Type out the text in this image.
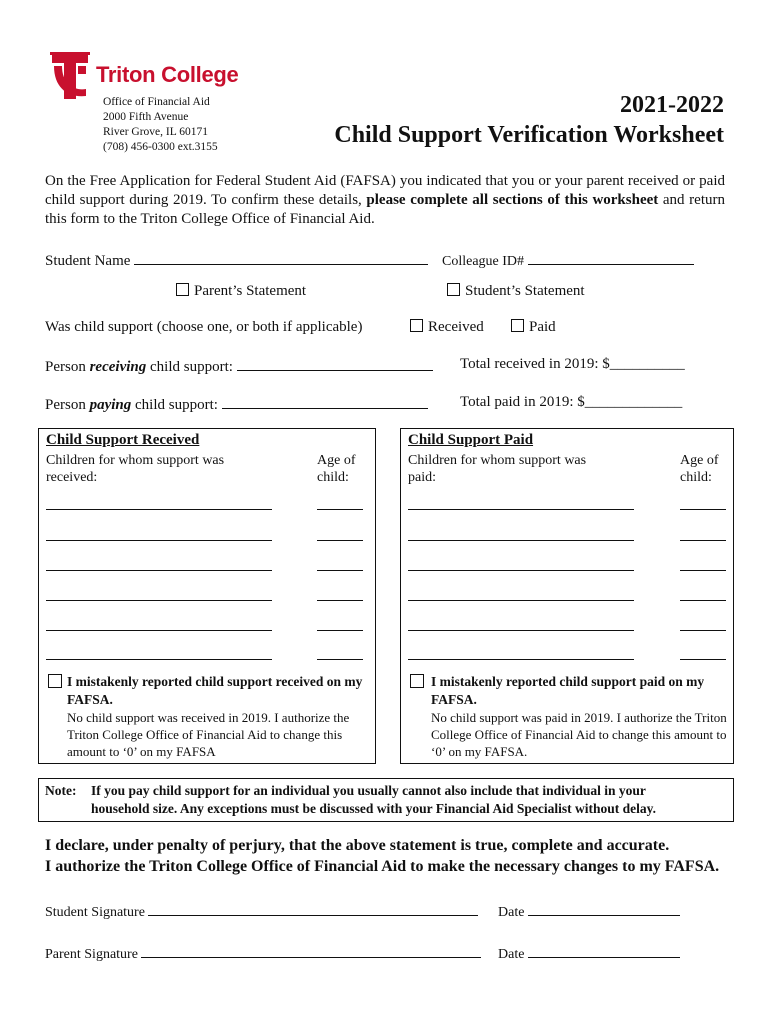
Triton College
Office of Financial Aid
2000 Fifth Avenue
River Grove, IL 60171
(708) 456-0300 ext.3155
2021-2022
Child Support Verification Worksheet
On the Free Application for Federal Student Aid (FAFSA) you indicated that you or your parent received or paid child support during 2019. To confirm these details, please complete all sections of this worksheet and return this form to the Triton College Office of Financial Aid.
Student Name	Colleague ID#
Parent’s Statement	Student’s Statement
Was child support (choose one, or both if applicable)	Received	Paid
Person receiving child support:	Total received in 2019: $__________
Person paying child support:	Total paid in 2019: $_____________
Child Support Received
Children for whom support was received:
Age of child:
I mistakenly reported child support received on my FAFSA.
No child support was received in 2019. I authorize the Triton College Office of Financial Aid to change this amount to ‘0’ on my FAFSA
Child Support Paid
Children for whom support was paid:
Age of child:
I mistakenly reported child support paid on my FAFSA.
No child support was paid in 2019. I authorize the Triton College Office of Financial Aid to change this amount to ‘0’ on my FAFSA.
Note: If you pay child support for an individual you usually cannot also include that individual in your
household size. Any exceptions must be discussed with your Financial Aid Specialist without delay.
I declare, under penalty of perjury, that the above statement is true, complete and accurate.
I authorize the Triton College Office of Financial Aid to make the necessary changes to my FAFSA.
Student Signature	Date
Parent Signature	Date
